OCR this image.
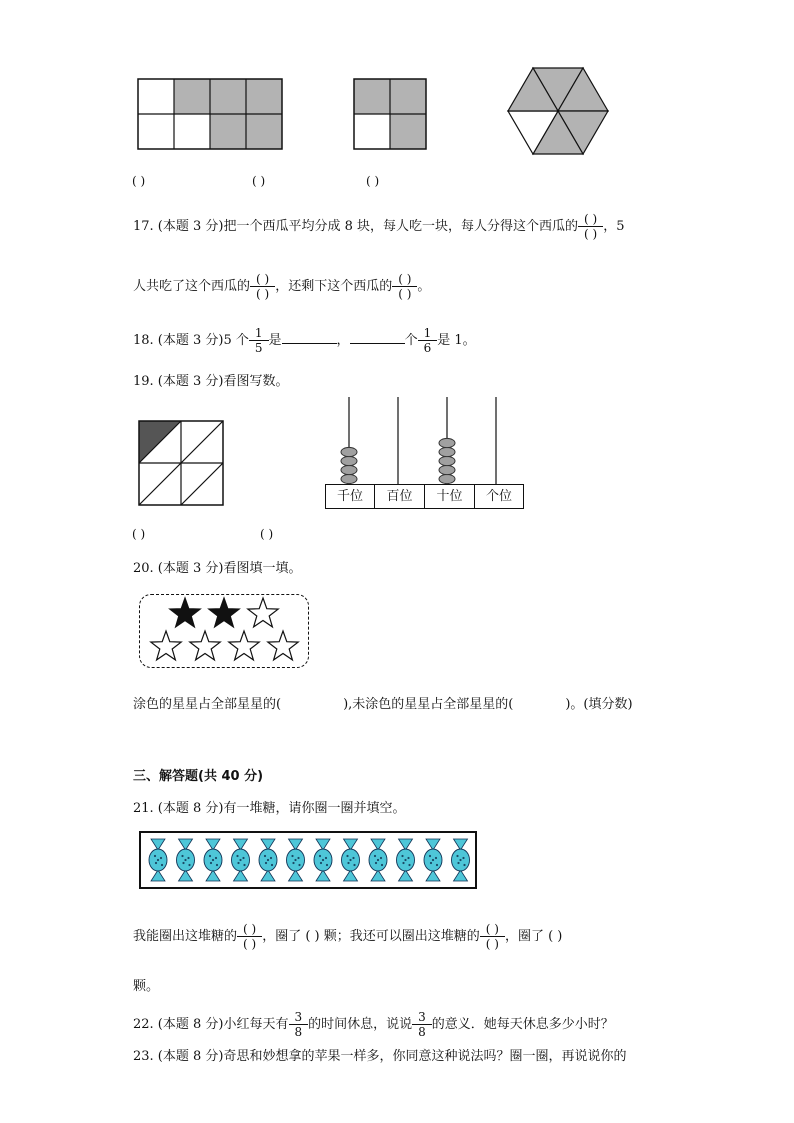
( )	( )	( )
17. (本题 3 分)把一个西瓜平均分成 8 块，每人吃一块，每人分得这个西瓜的 $\frac{( )}{( )}$ ，5
人共吃了这个西瓜的 $\frac{( )}{( )}$ ，还剩下这个西瓜的 $\frac{( )}{( )}$ 。
18. (本题 3 分)5 个 $\frac{1}{5}$ 是	，	个 $\frac{1}{6}$ 是 1。
19. (本题 3 分)看图写数。
千位	百位	十位	个位
( )	( )
20. (本题 3 分)看图填一填。
涂色的星星占全部星星的(	),未涂色的星星占全部星星的(	)。(填分数)
三、解答题(共 40 分)
21. (本题 8 分)有一堆糖，请你圈一圈并填空。
我能圈出这堆糖的 $\frac{( )}{( )}$ ，圈了 ( ) 颗；我还可以圈出这堆糖的 $\frac{( )}{( )}$ ，圈了 ( )
颗。
22. (本题 8 分)小红每天有 $\frac{3}{8}$ 的时间休息，说说 $\frac{3}{8}$ 的意义．她每天休息多少小时？
23. (本题 8 分)奇思和妙想拿的苹果一样多，你同意这种说法吗？圈一圈，再说说你的
